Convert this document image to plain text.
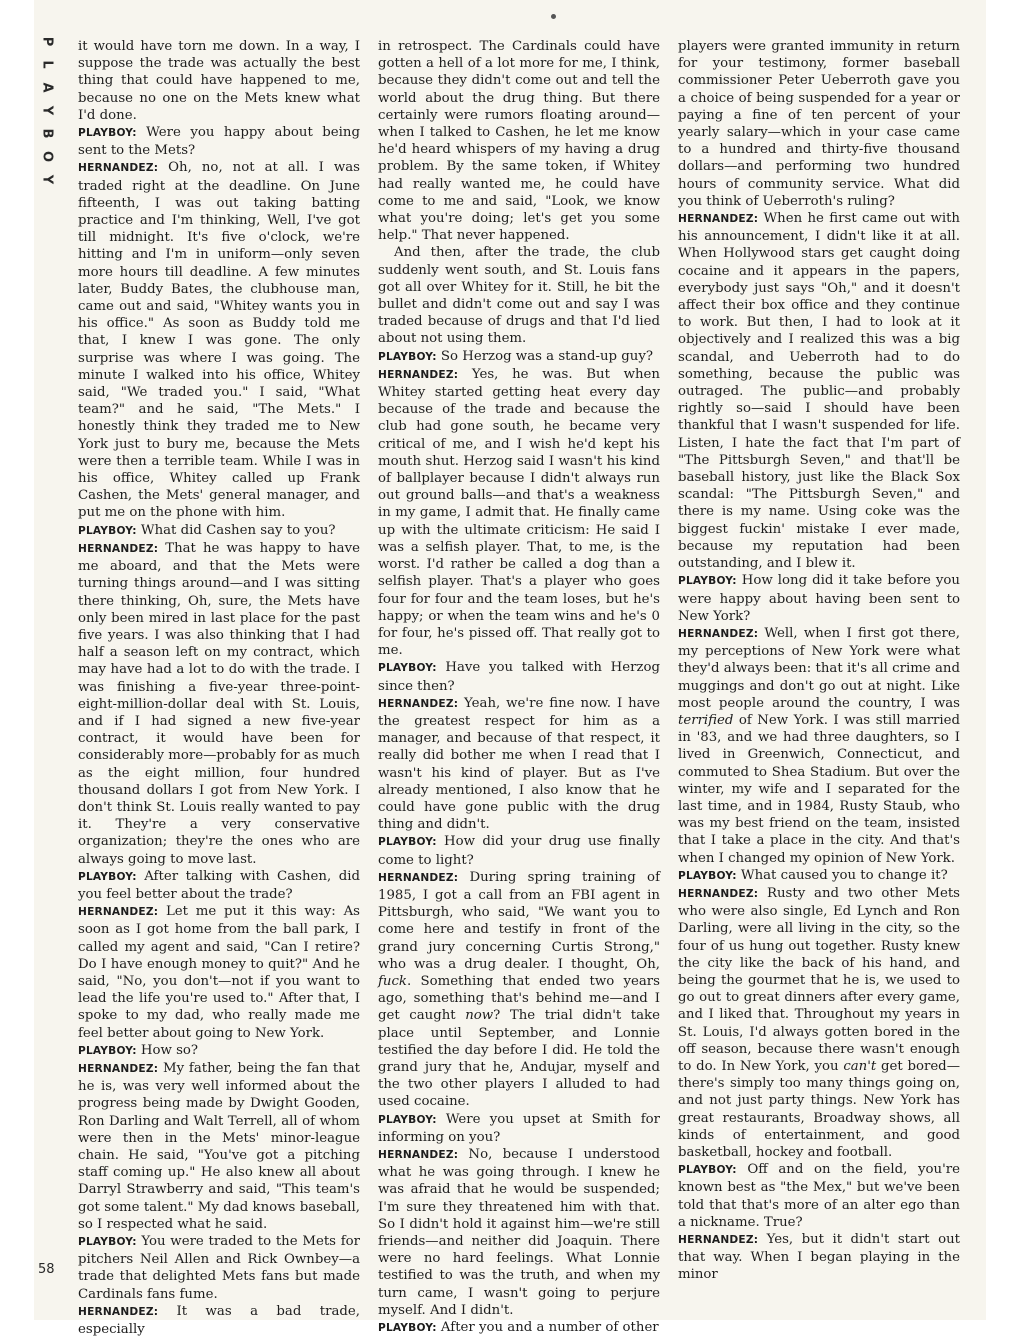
P
L
A
Y
B
O
Y
58

it would have torn me down. In a way, I suppose the trade was actually the best thing that could have happened to me, because no one on the Mets knew what I'd done.

PLAYBOY: Were you happy about being sent to the Mets?

HERNANDEZ: Oh, no, not at all. I was traded right at the deadline. On June fifteenth, I was out taking batting practice and I'm thinking, Well, I've got till midnight. It's five o'clock, we're hitting and I'm in uniform—only seven more hours till deadline. A few minutes later, Buddy Bates, the clubhouse man, came out and said, "Whitey wants you in his office." As soon as Buddy told me that, I knew I was gone. The only surprise was where I was going. The minute I walked into his office, Whitey said, "We traded you." I said, "What team?" and he said, "The Mets." I honestly think they traded me to New York just to bury me, because the Mets were then a terrible team. While I was in his office, Whitey called up Frank Cashen, the Mets' general manager, and put me on the phone with him.

PLAYBOY: What did Cashen say to you?

HERNANDEZ: That he was happy to have me aboard, and that the Mets were turning things around—and I was sitting there thinking, Oh, sure, the Mets have only been mired in last place for the past five years. I was also thinking that I had half a season left on my contract, which may have had a lot to do with the trade. I was finishing a five-year three-point-eight-million-dollar deal with St. Louis, and if I had signed a new five-year contract, it would have been for considerably more—probably for as much as the eight million, four hundred thousand dollars I got from New York. I don't think St. Louis really wanted to pay it. They're a very conservative organization; they're the ones who are always going to move last.

PLAYBOY: After talking with Cashen, did you feel better about the trade?

HERNANDEZ: Let me put it this way: As soon as I got home from the ball park, I called my agent and said, "Can I retire? Do I have enough money to quit?" And he said, "No, you don't—not if you want to lead the life you're used to." After that, I spoke to my dad, who really made me feel better about going to New York.

PLAYBOY: How so?

HERNANDEZ: My father, being the fan that he is, was very well informed about the progress being made by Dwight Gooden, Ron Darling and Walt Terrell, all of whom were then in the Mets' minor-league chain. He said, "You've got a pitching staff coming up." He also knew all about Darryl Strawberry and said, "This team's got some talent." My dad knows baseball, so I respected what he said.

PLAYBOY: You were traded to the Mets for pitchers Neil Allen and Rick Ownbey—a trade that delighted Mets fans but made Cardinals fans fume.

HERNANDEZ: It was a bad trade, especially

in retrospect. The Cardinals could have gotten a hell of a lot more for me, I think, because they didn't come out and tell the world about the drug thing. But there certainly were rumors floating around—when I talked to Cashen, he let me know he'd heard whispers of my having a drug problem. By the same token, if Whitey had really wanted me, he could have come to me and said, "Look, we know what you're doing; let's get you some help." That never happened.

And then, after the trade, the club suddenly went south, and St. Louis fans got all over Whitey for it. Still, he bit the bullet and didn't come out and say I was traded because of drugs and that I'd lied about not using them.

PLAYBOY: So Herzog was a stand-up guy?

HERNANDEZ: Yes, he was. But when Whitey started getting heat every day because of the trade and because the club had gone south, he became very critical of me, and I wish he'd kept his mouth shut. Herzog said I wasn't his kind of ballplayer because I didn't always run out ground balls—and that's a weakness in my game, I admit that. He finally came up with the ultimate criticism: He said I was a selfish player. That, to me, is the worst. I'd rather be called a dog than a selfish player. That's a player who goes four for four and the team loses, but he's happy; or when the team wins and he's 0 for four, he's pissed off. That really got to me.

PLAYBOY: Have you talked with Herzog since then?

HERNANDEZ: Yeah, we're fine now. I have the greatest respect for him as a manager, and because of that respect, it really did bother me when I read that I wasn't his kind of player. But as I've already mentioned, I also know that he could have gone public with the drug thing and didn't.

PLAYBOY: How did your drug use finally come to light?

HERNANDEZ: During spring training of 1985, I got a call from an FBI agent in Pittsburgh, who said, "We want you to come here and testify in front of the grand jury concerning Curtis Strong," who was a drug dealer. I thought, Oh, fuck. Something that ended two years ago, something that's behind me—and I get caught now? The trial didn't take place until September, and Lonnie testified the day before I did. He told the grand jury that he, Andujar, myself and the two other players I alluded to had used cocaine.

PLAYBOY: Were you upset at Smith for informing on you?

HERNANDEZ: No, because I understood what he was going through. I knew he was afraid that he would be suspended; I'm sure they threatened him with that. So I didn't hold it against him—we're still friends—and neither did Joaquin. There were no hard feelings. What Lonnie testified to was the truth, and when my turn came, I wasn't going to perjure myself. And I didn't.

PLAYBOY: After you and a number of other

players were granted immunity in return for your testimony, former baseball commissioner Peter Ueberroth gave you a choice of being suspended for a year or paying a fine of ten percent of your yearly salary—which in your case came to a hundred and thirty-five thousand dollars—and performing two hundred hours of community service. What did you think of Ueberroth's ruling?

HERNANDEZ: When he first came out with his announcement, I didn't like it at all. When Hollywood stars get caught doing cocaine and it appears in the papers, everybody just says "Oh," and it doesn't affect their box office and they continue to work. But then, I had to look at it objectively and I realized this was a big scandal, and Ueberroth had to do something, because the public was outraged. The public—and probably rightly so—said I should have been thankful that I wasn't suspended for life. Listen, I hate the fact that I'm part of "The Pittsburgh Seven," and that'll be baseball history, just like the Black Sox scandal: "The Pittsburgh Seven," and there is my name. Using coke was the biggest fuckin' mistake I ever made, because my reputation had been outstanding, and I blew it.

PLAYBOY: How long did it take before you were happy about having been sent to New York?

HERNANDEZ: Well, when I first got there, my perceptions of New York were what they'd always been: that it's all crime and muggings and don't go out at night. Like most people around the country, I was terrified of New York. I was still married in '83, and we had three daughters, so I lived in Greenwich, Connecticut, and commuted to Shea Stadium. But over the winter, my wife and I separated for the last time, and in 1984, Rusty Staub, who was my best friend on the team, insisted that I take a place in the city. And that's when I changed my opinion of New York.

PLAYBOY: What caused you to change it?

HERNANDEZ: Rusty and two other Mets who were also single, Ed Lynch and Ron Darling, were all living in the city, so the four of us hung out together. Rusty knew the city like the back of his hand, and being the gourmet that he is, we used to go out to great dinners after every game, and I liked that. Throughout my years in St. Louis, I'd always gotten bored in the off season, because there wasn't enough to do. In New York, you can't get bored—there's simply too many things going on, and not just party things. New York has great restaurants, Broadway shows, all kinds of entertainment, and good basketball, hockey and football.

PLAYBOY: Off and on the field, you're known best as "the Mex," but we've been told that that's more of an alter ego than a nickname. True?

HERNANDEZ: Yes, but it didn't start out that way. When I began playing in the minor
